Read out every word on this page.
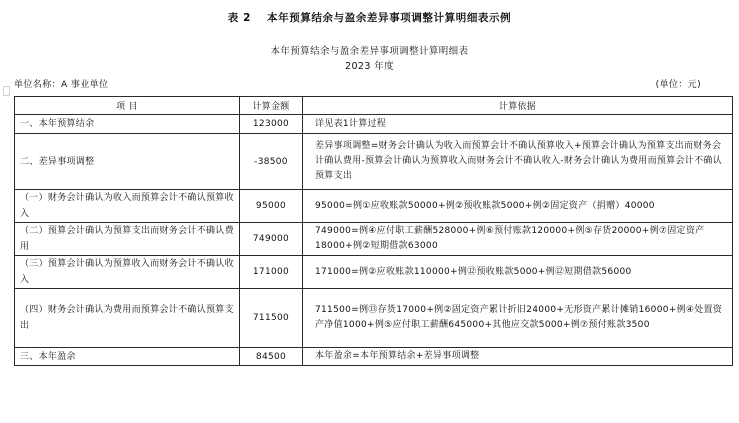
表 2 本年预算结余与盈余差异事项调整计算明细表示例
本年预算结余与盈余差异事项调整计算明细表
2023 年度
单位名称：A 事业单位	(单位：元)
项 目	计算金额	计算依据
一、本年预算结余	123000	详见表1计算过程
二、差异事项调整	-38500	差异事项调整=财务会计确认为收入而预算会计不确认预算收入+预算会计确认为预算支出而财务会计确认费用-预算会计确认为预算收入而财务会计不确认收入-财务会计确认为费用而预算会计不确认预算支出
（一）财务会计确认为收入而预算会计不确认预算收入	95000	95000=例①应收账款50000+例②预收账款5000+例②固定资产（捐赠）40000
（二）预算会计确认为预算支出而财务会计不确认费用	749000	749000=例④应付职工薪酬528000+例⑥预付账款120000+例⑤存货20000+例⑦固定资产18000+例②短期借款63000
（三）预算会计确认为预算收入而财务会计不确认收入	171000	171000=例②应收账款110000+例⑫预收账款5000+例⑫短期借款56000
（四）财务会计确认为费用而预算会计不确认预算支出	711500	711500=例⑬存货17000+例②固定资产累计折旧24000+无形资产累计摊销16000+例④处置资产净值1000+例⑤应付职工薪酬645000+其他应交款5000+例⑦预付账款3500
三、本年盈余	84500	本年盈余=本年预算结余+差异事项调整
